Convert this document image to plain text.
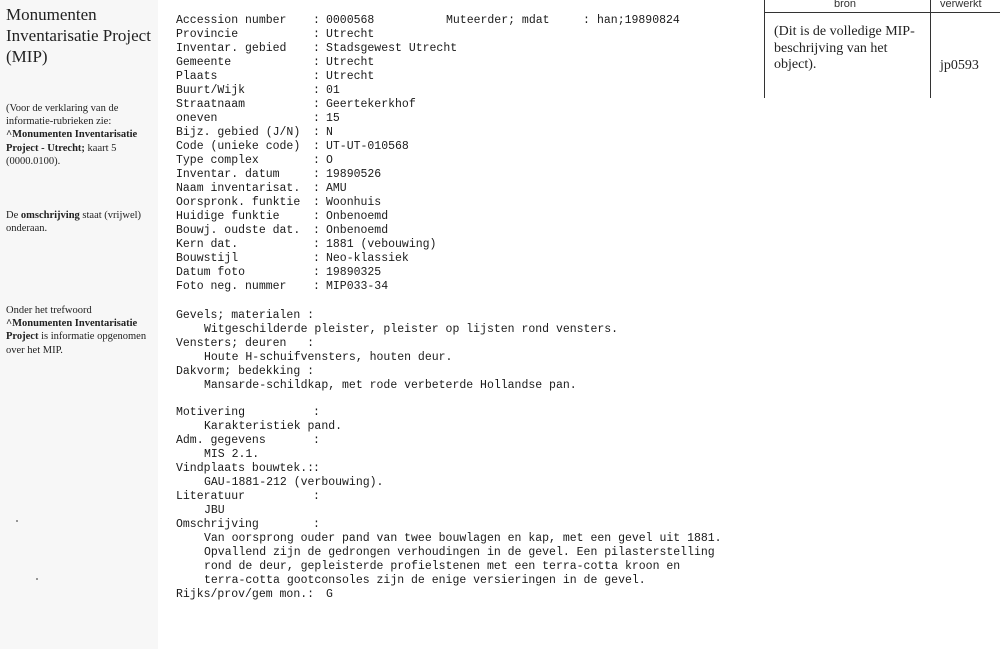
Monumenten Inventarisatie Project (MIP)
(Voor de verklaring van de informatie-rubrieken zie: ^Monumenten Inventarisatie Project - Utrecht; kaart 5 (0000.0100).
De omschrijving staat (vrijwel) onderaan.
Onder het trefwoord ^Monumenten Inventarisatie Project is informatie opgenomen over het MIP.
bron	verwerkt
(Dit is de volledige MIP-beschrijving van het object).	jp0593
Muteerder; mdat	: han;19890824
Accession number : 0000568
Provincie	: Utrecht
Inventar. gebied : Stadsgewest Utrecht
Gemeente	: Utrecht
Plaats	: Utrecht
Buurt/Wijk	: 01
Straatnaam	: Geertekerkhof
oneven	: 15
Bijz. gebied (J/N) : N
Code (unieke code) : UT-UT-010568
Type complex	: O
Inventar. datum	: 19890526
Naam inventarisat. : AMU
Oorspronk. funktie : Woonhuis
Huidige funktie	: Onbenoemd
Bouwj. oudste dat. : Onbenoemd
Kern dat.	: 1881 (vebouwing)
Bouwstijl	: Neo-klassiek
Datum foto	: 19890325
Foto neg. nummer : MIP033-34
Gevels; materialen :
Witgeschilderde pleister, pleister op lijsten rond vensters.
Vensters; deuren   :
Houte H-schuifvensters, houten deur.
Dakvorm; bedekking :
Mansarde-schildkap, met rode verbeterde Hollandse pan.
Motivering	:
Karakteristiek pand.
Adm. gegevens	:
MIS 2.1.
Vindplaats bouwtek.:
:
GAU-1881-212 (verbouwing).
Literatuur	:
JBU
Omschrijving	:
Van oorsprong ouder pand van twee bouwlagen en kap, met een gevel uit 1881.
Opvallend zijn de gedrongen verhoudingen in de gevel. Een pilasterstelling
rond de deur, gepleisterde profielstenen met een terra-cotta kroon en
terra-cotta gootconsoles zijn de enige versieringen in de gevel.
Rijks/prov/gem mon.: G
